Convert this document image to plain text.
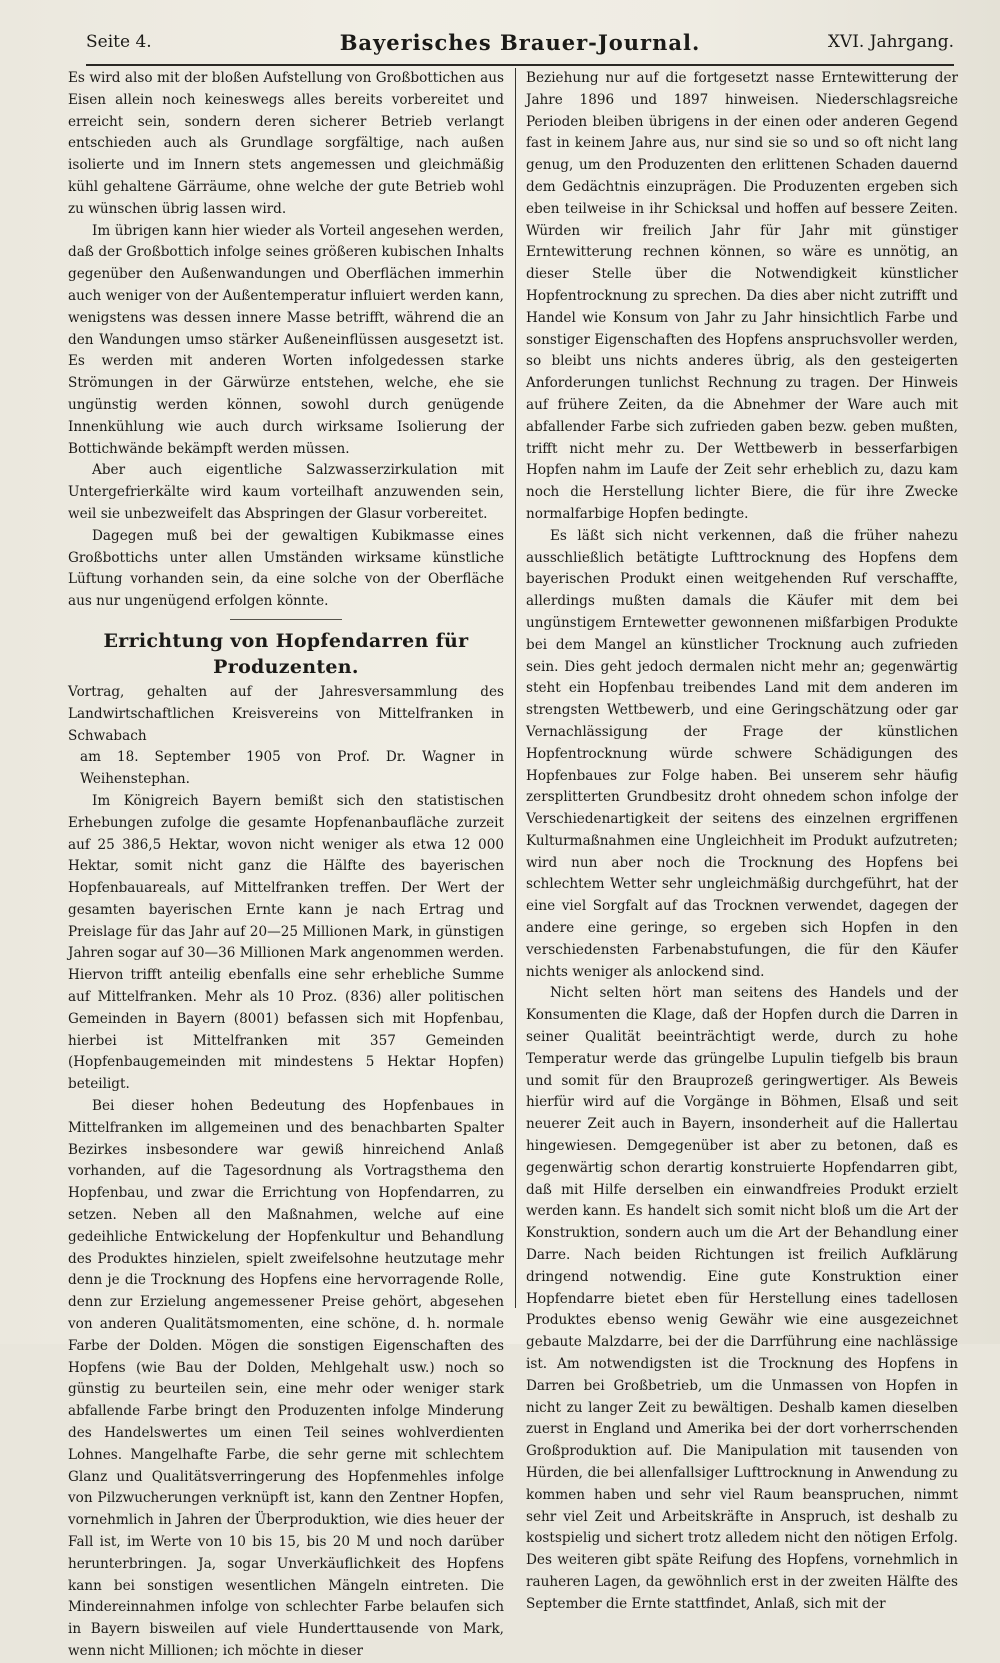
Seite 4.	Bayerisches Brauer-Journal.	XVI. Jahrgang.

Es wird also mit der bloßen Aufstellung von Großbottichen aus Eisen allein noch keineswegs alles bereits vorbereitet und erreicht sein, sondern deren sicherer Betrieb verlangt entschieden auch als Grundlage sorgfältige, nach außen isolierte und im Innern stets angemessen und gleichmäßig kühl gehaltene Gärräume, ohne welche der gute Betrieb wohl zu wünschen übrig lassen wird.

Im übrigen kann hier wieder als Vorteil angesehen werden, daß der Großbottich infolge seines größeren kubischen Inhalts gegenüber den Außenwandungen und Oberflächen immerhin auch weniger von der Außentemperatur influiert werden kann, wenigstens was dessen innere Masse betrifft, während die an den Wandungen umso stärker Außeneinflüssen ausgesetzt ist. Es werden mit anderen Worten infolgedessen starke Strömungen in der Gärwürze entstehen, welche, ehe sie ungünstig werden können, sowohl durch genügende Innenkühlung wie auch durch wirksame Isolierung der Bottichwände bekämpft werden müssen.

Aber auch eigentliche Salzwasserzirkulation mit Untergefrierkälte wird kaum vorteilhaft anzuwenden sein, weil sie unbezweifelt das Abspringen der Glasur vorbereitet.

Dagegen muß bei der gewaltigen Kubikmasse eines Großbottichs unter allen Umständen wirksame künstliche Lüftung vorhanden sein, da eine solche von der Oberfläche aus nur ungenügend erfolgen könnte.

Errichtung von Hopfendarren für Produzenten.

Vortrag, gehalten auf der Jahresversammlung des Landwirtschaftlichen Kreisvereins von Mittelfranken in Schwabach

am 18. September 1905 von Prof. Dr. Wagner in Weihenstephan.

Im Königreich Bayern bemißt sich den statistischen Erhebungen zufolge die gesamte Hopfenanbaufläche zurzeit auf 25 386,5 Hektar, wovon nicht weniger als etwa 12 000 Hektar, somit nicht ganz die Hälfte des bayerischen Hopfenbauareals, auf Mittelfranken treffen. Der Wert der gesamten bayerischen Ernte kann je nach Ertrag und Preislage für das Jahr auf 20—25 Millionen Mark, in günstigen Jahren sogar auf 30—36 Millionen Mark angenommen werden. Hiervon trifft anteilig ebenfalls eine sehr erhebliche Summe auf Mittelfranken. Mehr als 10 Proz. (836) aller politischen Gemeinden in Bayern (8001) befassen sich mit Hopfenbau, hierbei ist Mittelfranken mit 357 Gemeinden (Hopfenbaugemeinden mit mindestens 5 Hektar Hopfen) beteiligt.

Bei dieser hohen Bedeutung des Hopfenbaues in Mittelfranken im allgemeinen und des benachbarten Spalter Bezirkes insbesondere war gewiß hinreichend Anlaß vorhanden, auf die Tagesordnung als Vortragsthema den Hopfenbau, und zwar die Errichtung von Hopfendarren, zu setzen. Neben all den Maßnahmen, welche auf eine gedeihliche Entwickelung der Hopfenkultur und Behandlung des Produktes hinzielen, spielt zweifelsohne heutzutage mehr denn je die Trocknung des Hopfens eine hervorragende Rolle, denn zur Erzielung angemessener Preise gehört, abgesehen von anderen Qualitätsmomenten, eine schöne, d. h. normale Farbe der Dolden. Mögen die sonstigen Eigenschaften des Hopfens (wie Bau der Dolden, Mehlgehalt usw.) noch so günstig zu beurteilen sein, eine mehr oder weniger stark abfallende Farbe bringt den Produzenten infolge Minderung des Handelswertes um einen Teil seines wohlverdienten Lohnes. Mangelhafte Farbe, die sehr gerne mit schlechtem Glanz und Qualitätsverringerung des Hopfenmehles infolge von Pilzwucherungen verknüpft ist, kann den Zentner Hopfen, vornehmlich in Jahren der Überproduktion, wie dies heuer der Fall ist, im Werte von 10 bis 15, bis 20 M und noch darüber herunterbringen. Ja, sogar Unverkäuflichkeit des Hopfens kann bei sonstigen wesentlichen Mängeln eintreten. Die Mindereinnahmen infolge von schlechter Farbe belaufen sich in Bayern bisweilen auf viele Hunderttausende von Mark, wenn nicht Millionen; ich möchte in dieser

Beziehung nur auf die fortgesetzt nasse Erntewitterung der Jahre 1896 und 1897 hinweisen. Niederschlagsreiche Perioden bleiben übrigens in der einen oder anderen Gegend fast in keinem Jahre aus, nur sind sie so und so oft nicht lang genug, um den Produzenten den erlittenen Schaden dauernd dem Gedächtnis einzuprägen. Die Produzenten ergeben sich eben teilweise in ihr Schicksal und hoffen auf bessere Zeiten. Würden wir freilich Jahr für Jahr mit günstiger Erntewitterung rechnen können, so wäre es unnötig, an dieser Stelle über die Notwendigkeit künstlicher Hopfentrocknung zu sprechen. Da dies aber nicht zutrifft und Handel wie Konsum von Jahr zu Jahr hinsichtlich Farbe und sonstiger Eigenschaften des Hopfens anspruchsvoller werden, so bleibt uns nichts anderes übrig, als den gesteigerten Anforderungen tunlichst Rechnung zu tragen. Der Hinweis auf frühere Zeiten, da die Abnehmer der Ware auch mit abfallender Farbe sich zufrieden gaben bezw. geben mußten, trifft nicht mehr zu. Der Wettbewerb in besserfarbigen Hopfen nahm im Laufe der Zeit sehr erheblich zu, dazu kam noch die Herstellung lichter Biere, die für ihre Zwecke normalfarbige Hopfen bedingte.

Es läßt sich nicht verkennen, daß die früher nahezu ausschließlich betätigte Lufttrocknung des Hopfens dem bayerischen Produkt einen weitgehenden Ruf verschaffte, allerdings mußten damals die Käufer mit dem bei ungünstigem Erntewetter gewonnenen mißfarbigen Produkte bei dem Mangel an künstlicher Trocknung auch zufrieden sein. Dies geht jedoch dermalen nicht mehr an; gegenwärtig steht ein Hopfenbau treibendes Land mit dem anderen im strengsten Wettbewerb, und eine Geringschätzung oder gar Vernachlässigung der Frage der künstlichen Hopfentrocknung würde schwere Schädigungen des Hopfenbaues zur Folge haben. Bei unserem sehr häufig zersplitterten Grundbesitz droht ohnedem schon infolge der Verschiedenartigkeit der seitens des einzelnen ergriffenen Kulturmaßnahmen eine Ungleichheit im Produkt aufzutreten; wird nun aber noch die Trocknung des Hopfens bei schlechtem Wetter sehr ungleichmäßig durchgeführt, hat der eine viel Sorgfalt auf das Trocknen verwendet, dagegen der andere eine geringe, so ergeben sich Hopfen in den verschiedensten Farbenabstufungen, die für den Käufer nichts weniger als anlockend sind.

Nicht selten hört man seitens des Handels und der Konsumenten die Klage, daß der Hopfen durch die Darren in seiner Qualität beeinträchtigt werde, durch zu hohe Temperatur werde das grüngelbe Lupulin tiefgelb bis braun und somit für den Brauprozeß geringwertiger. Als Beweis hierfür wird auf die Vorgänge in Böhmen, Elsaß und seit neuerer Zeit auch in Bayern, insonderheit auf die Hallertau hingewiesen. Demgegenüber ist aber zu betonen, daß es gegenwärtig schon derartig konstruierte Hopfendarren gibt, daß mit Hilfe derselben ein einwandfreies Produkt erzielt werden kann. Es handelt sich somit nicht bloß um die Art der Konstruktion, sondern auch um die Art der Behandlung einer Darre. Nach beiden Richtungen ist freilich Aufklärung dringend notwendig. Eine gute Konstruktion einer Hopfendarre bietet eben für Herstellung eines tadellosen Produktes ebenso wenig Gewähr wie eine ausgezeichnet gebaute Malzdarre, bei der die Darrführung eine nachlässige ist. Am notwendigsten ist die Trocknung des Hopfens in Darren bei Großbetrieb, um die Unmassen von Hopfen in nicht zu langer Zeit zu bewältigen. Deshalb kamen dieselben zuerst in England und Amerika bei der dort vorherrschenden Großproduktion auf. Die Manipulation mit tausenden von Hürden, die bei allenfallsiger Lufttrocknung in Anwendung zu kommen haben und sehr viel Raum beanspruchen, nimmt sehr viel Zeit und Arbeitskräfte in Anspruch, ist deshalb zu kostspielig und sichert trotz alledem nicht den nötigen Erfolg. Des weiteren gibt späte Reifung des Hopfens, vornehmlich in rauheren Lagen, da gewöhnlich erst in der zweiten Hälfte des September die Ernte stattfindet, Anlaß, sich mit der
